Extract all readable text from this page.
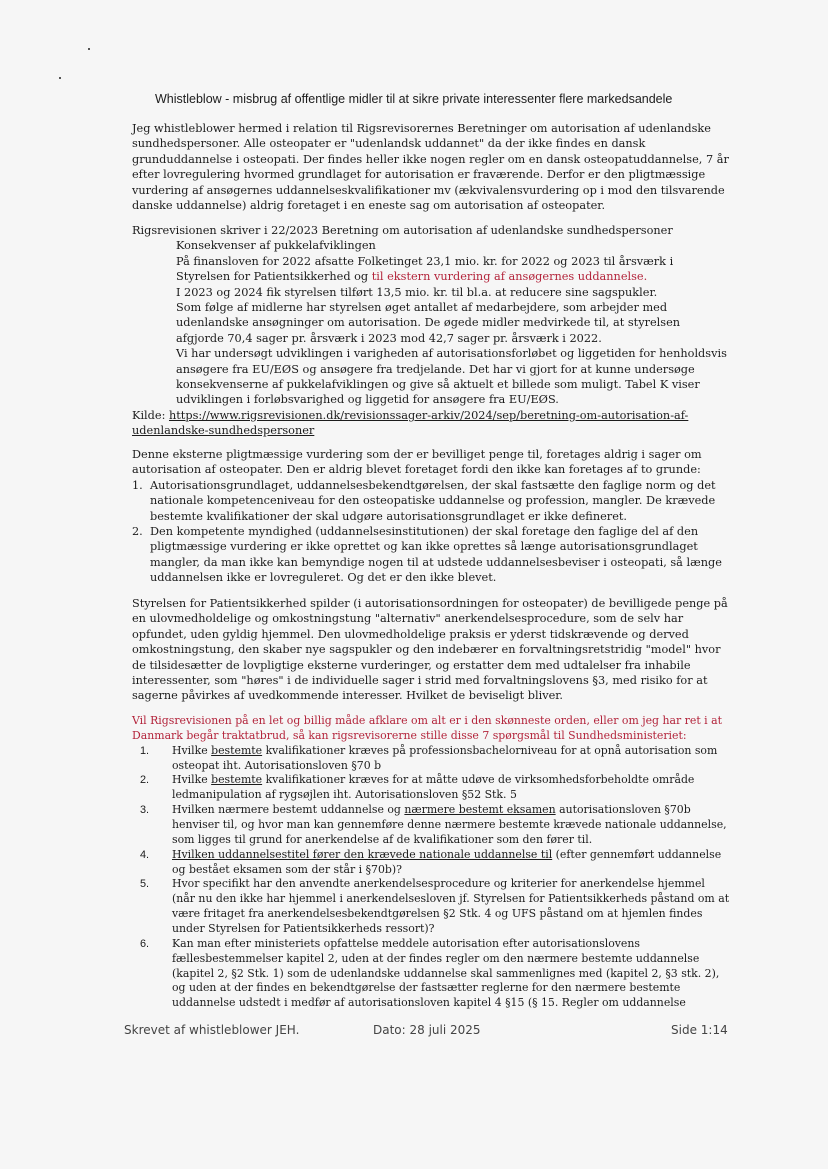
Whistleblow - misbrug af offentlige midler til at sikre private interessenter flere markedsandele

Jeg whistleblower hermed i relation til Rigsrevisorernes Beretninger om autorisation af udenlandske sundhedspersoner. Alle osteopater er "udenlandsk uddannet" da der ikke findes en dansk grunduddannelse i osteopati. Der findes heller ikke nogen regler om en dansk osteopatuddannelse, 7 år efter lovregulering hvormed grundlaget for autorisation er fraværende. Derfor er den pligtmæssige vurdering af ansøgernes uddannelseskvalifikationer mv (ækvivalensvurdering op i mod den tilsvarende danske uddannelse) aldrig foretaget i en eneste sag om autorisation af osteopater.

Rigsrevisionen skriver i 22/2023 Beretning om autorisation af udenlandske sundhedspersoner

Konsekvenser af pukkelafviklingen

På finansloven for 2022 afsatte Folketinget 23,1 mio. kr. for 2022 og 2023 til årsværk i Styrelsen for Patientsikkerhed og til ekstern vurdering af ansøgernes uddannelse.

I 2023 og 2024 fik styrelsen tilført 13,5 mio. kr. til bl.a. at reducere sine sagspukler.

Som følge af midlerne har styrelsen øget antallet af medarbejdere, som arbejder med udenlandske ansøgninger om autorisation. De øgede midler medvirkede til, at styrelsen afgjorde 70,4 sager pr. årsværk i 2023 mod 42,7 sager pr. årsværk i 2022.

Vi har undersøgt udviklingen i varigheden af autorisationsforløbet og liggetiden for henholdsvis ansøgere fra EU/EØS og ansøgere fra tredjelande. Det har vi gjort for at kunne undersøge konsekvenserne af pukkelafviklingen og give så aktuelt et billede som muligt. Tabel K viser udviklingen i forløbsvarighed og liggetid for ansøgere fra EU/EØS.

Kilde: https://www.rigsrevisionen.dk/revisionssager-arkiv/2024/sep/beretning-om-autorisation-af-udenlandske-sundhedspersoner

Denne eksterne pligtmæssige vurdering som der er bevilliget penge til, foretages aldrig i sager om autorisation af osteopater. Den er aldrig blevet foretaget fordi den ikke kan foretages af to grunde:

1. Autorisationsgrundlaget, uddannelsesbekendtgørelsen, der skal fastsætte den faglige norm og det nationale kompetenceniveau for den osteopatiske uddannelse og profession, mangler. De krævede bestemte kvalifikationer der skal udgøre autorisationsgrundlaget er ikke defineret.
2. Den kompetente myndighed (uddannelsesinstitutionen) der skal foretage den faglige del af den pligtmæssige vurdering er ikke oprettet og kan ikke oprettes så længe autorisationsgrundlaget mangler, da man ikke kan bemyndige nogen til at udstede uddannelsesbeviser i osteopati, så længe uddannelsen ikke er lovreguleret. Og det er den ikke blevet.

Styrelsen for Patientsikkerhed spilder (i autorisationsordningen for osteopater) de bevilligede penge på en ulovmedholdelige og omkostningstung "alternativ" anerkendelsesprocedure, som de selv har opfundet, uden gyldig hjemmel. Den ulovmedholdelige praksis er yderst tidskrævende og derved omkostningstung, den skaber nye sagspukler og den indebærer en forvaltningsretstridig "model" hvor de tilsidesætter de lovpligtige eksterne vurderinger, og erstatter dem med udtalelser fra inhabile interessenter, som "høres" i de individuelle sager i strid med forvaltningslovens §3, med risiko for at sagerne påvirkes af uvedkommende interesser. Hvilket de beviseligt bliver.

Vil Rigsrevisionen på en let og billig måde afklare om alt er i den skønneste orden, eller om jeg har ret i at Danmark begår traktatbrud, så kan rigsrevisorerne stille disse 7 spørgsmål til Sundhedsministeriet:

1. Hvilke bestemte kvalifikationer kræves på professionsbachelorniveau for at opnå autorisation som osteopat iht. Autorisationsloven §70 b
2. Hvilke bestemte kvalifikationer kræves for at måtte udøve de virksomhedsforbeholdte område ledmanipulation af rygsøjlen iht. Autorisationsloven §52 Stk. 5
3. Hvilken nærmere bestemt uddannelse og nærmere bestemt eksamen autorisationsloven §70b henviser til, og hvor man kan gennemføre denne nærmere bestemte krævede nationale uddannelse, som ligges til grund for anerkendelse af de kvalifikationer som den fører til.
4. Hvilken uddannelsestitel fører den krævede nationale uddannelse til (efter gennemført uddannelse og bestået eksamen som der står i §70b)?
5. Hvor specifikt har den anvendte anerkendelsesprocedure og kriterier for anerkendelse hjemmel (når nu den ikke har hjemmel i anerkendelsesloven jf. Styrelsen for Patientsikkerheds påstand om at være fritaget fra anerkendelsesbekendtgørelsen §2 Stk. 4 og UFS påstand om at hjemlen findes under Styrelsen for Patientsikkerheds ressort)?
6. Kan man efter ministeriets opfattelse meddele autorisation efter autorisationslovens fællesbestemmelser kapitel 2, uden at der findes regler om den nærmere bestemte uddannelse (kapitel 2, §2 Stk. 1) som de udenlandske uddannelse skal sammenlignes med (kapitel 2, §3 stk. 2), og uden at der findes en bekendtgørelse der fastsætter reglerne for den nærmere bestemte uddannelse udstedt i medfør af autorisationsloven kapitel 4 §15 (§ 15. Regler om uddannelse
Skrevet af whistleblower JEH.	Dato: 28 juli 2025	Side 1:14
